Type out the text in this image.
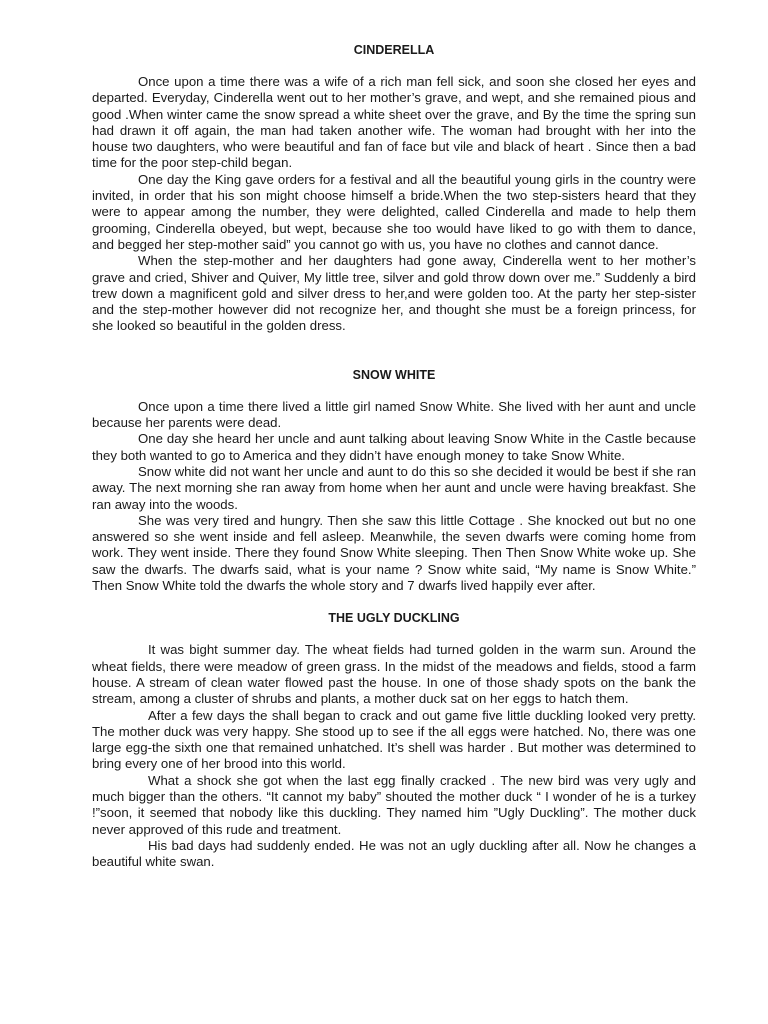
CINDERELLA

Once upon a time there was a wife of a rich man fell sick, and soon she closed her eyes and departed. Everyday, Cinderella went out to her mother’s grave, and wept, and she remained pious and good .When winter came the snow spread a white sheet over the grave, and By the time the spring sun had drawn it off again, the man had taken another wife. The woman had brought with her into the house two daughters, who were beautiful and fan of face but vile and black of heart . Since then a bad time for the poor step-child began.

One day the King gave orders for a festival and all the beautiful young girls in the country were invited, in order that his son might choose himself a bride.When the two step-sisters heard that they were to appear among the number, they were delighted, called Cinderella and made to help them grooming, Cinderella obeyed, but wept, because she too would have liked to go with them to dance, and begged her step-mother said” you cannot go with us, you have no clothes and cannot dance.

When the step-mother and her daughters had gone away, Cinderella went to her mother’s grave and cried, Shiver and Quiver, My little tree, silver and gold throw down over me.” Suddenly a bird trew down a magnificent gold and silver dress to her,and were golden too. At the party her step-sister and the step-mother however did not recognize her, and thought she must be a foreign princess, for she looked so beautiful in the golden dress.

SNOW WHITE

Once upon a time there lived a little girl named Snow White. She lived with her aunt and uncle because her parents were dead.

One day she heard her uncle and aunt talking about leaving Snow White in the Castle because they both wanted to go to America and they didn’t have enough money to take Snow White.

Snow white did not want her uncle and aunt to do this so she decided it would be best if she ran away. The next morning she ran away from home when her aunt and uncle were having breakfast. She ran away into the woods.

She was very tired and hungry. Then she saw this little Cottage . She knocked out but no one answered so she went inside and fell asleep. Meanwhile, the seven dwarfs were coming home from work. They went inside. There they found Snow White sleeping. Then Then Snow White woke up. She saw the dwarfs. The dwarfs said, what is your name ? Snow white said, “My name is Snow White.” Then Snow White told the dwarfs the whole story and 7 dwarfs lived happily ever after.

THE UGLY DUCKLING

It was bight summer day. The wheat fields had turned golden in the warm sun. Around the wheat fields, there were meadow of green grass. In the midst of the meadows and fields, stood a farm house. A stream of clean water flowed past the house. In one of those shady spots on the bank the stream, among a cluster of shrubs and plants, a mother duck sat on her eggs to hatch them.

After a few days the shall began to crack and out game five little duckling looked very pretty. The mother duck was very happy. She stood up to see if the all eggs were hatched. No, there was one large egg-the sixth one that remained unhatched. It’s shell was harder . But mother was determined to bring every one of her brood into this world.

What a shock she got when the last egg finally cracked . The new bird was very ugly and much bigger than the others. “It cannot my baby” shouted the mother duck “ I wonder of he is a turkey !”soon, it seemed that nobody like this duckling. They named him ”Ugly Duckling”. The mother duck never approved of this rude and treatment.

His bad days had suddenly ended. He was not an ugly duckling after all. Now he changes a beautiful white swan.
